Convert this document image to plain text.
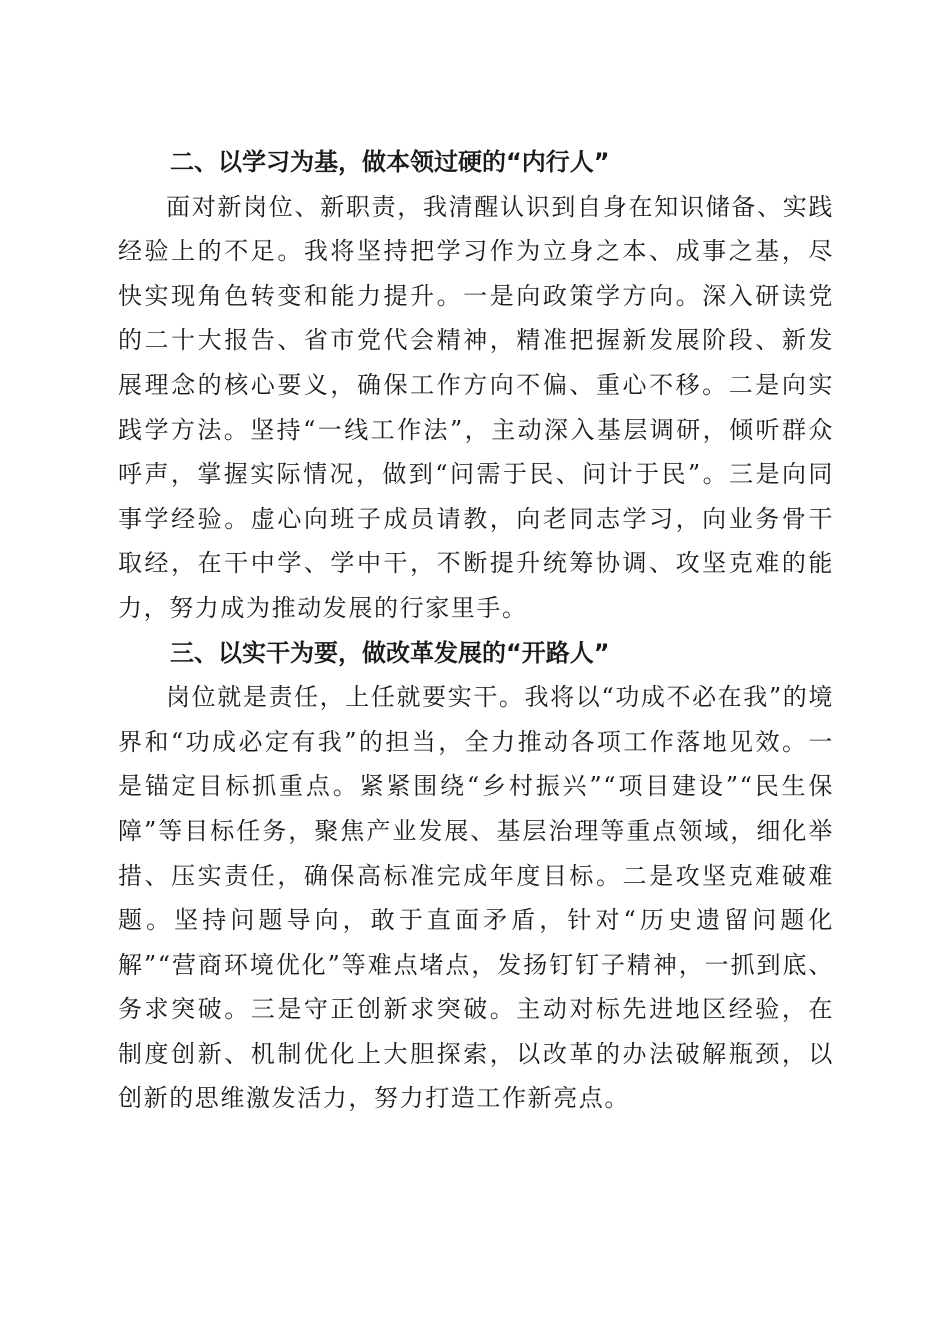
二、以学习为基，做本领过硬的“内行人”

面对新岗位、新职责，我清醒认识到自身在知识储备、实践经验上的不足。我将坚持把学习作为立身之本、成事之基，尽快实现角色转变和能力提升。一是向政策学方向。深入研读党的二十大报告、省市党代会精神，精准把握新发展阶段、新发展理念的核心要义，确保工作方向不偏、重心不移。二是向实践学方法。坚持“一线工作法”，主动深入基层调研，倾听群众呼声，掌握实际情况，做到“问需于民、问计于民”。三是向同事学经验。虚心向班子成员请教，向老同志学习，向业务骨干取经，在干中学、学中干，不断提升统筹协调、攻坚克难的能力，努力成为推动发展的行家里手。

三、以实干为要，做改革发展的“开路人”

岗位就是责任，上任就要实干。我将以“功成不必在我”的境界和“功成必定有我”的担当，全力推动各项工作落地见效。一是锚定目标抓重点。紧紧围绕“乡村振兴”“项目建设”“民生保障”等目标任务，聚焦产业发展、基层治理等重点领域，细化举措、压实责任，确保高标准完成年度目标。二是攻坚克难破难题。坚持问题导向，敢于直面矛盾，针对“历史遗留问题化解”“营商环境优化”等难点堵点，发扬钉钉子精神，一抓到底、务求突破。三是守正创新求突破。主动对标先进地区经验，在制度创新、机制优化上大胆探索，以改革的办法破解瓶颈，以创新的思维激发活力，努力打造工作新亮点。
